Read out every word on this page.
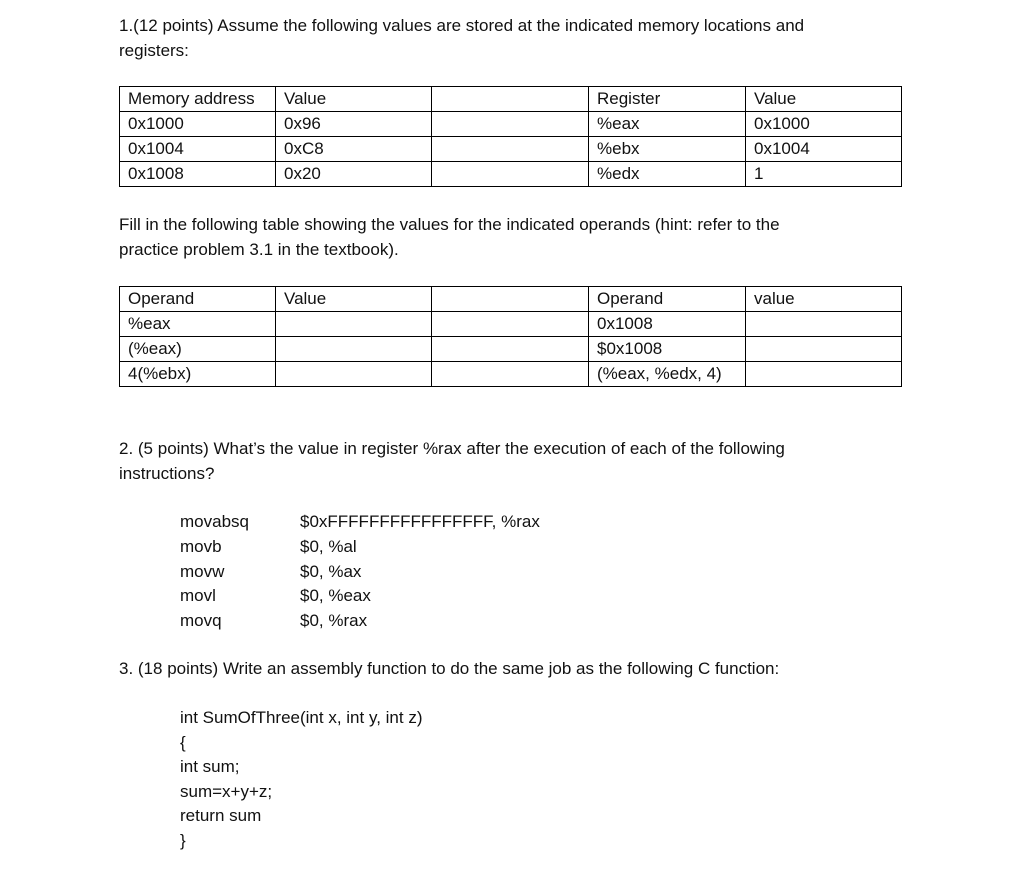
1.(12 points) Assume the following values are stored at the indicated memory locations and

registers:

Memory address	Value		Register	Value
0x1000	0x96		%eax	0x1000
0x1004	0xC8		%ebx	0x1004
0x1008	0x20		%edx	1

Fill in the following table showing the values for the indicated operands (hint: refer to the

practice problem 3.1 in the textbook).

Operand	Value		Operand	value
%eax			0x1008	
(%eax)			$0x1008	
4(%ebx)			(%eax, %edx, 4)	

2. (5 points) What’s the value in register %rax after the execution of each of the following

instructions?

movabsq	$0xFFFFFFFFFFFFFFFF, %rax
movb	$0, %al
movw	$0, %ax
movl	$0, %eax
movq	$0, %rax

3. (18 points) Write an assembly function to do the same job as the following C function:

int SumOfThree(int x, int y, int z)
{
int sum;
sum=x+y+z;
return sum
}
